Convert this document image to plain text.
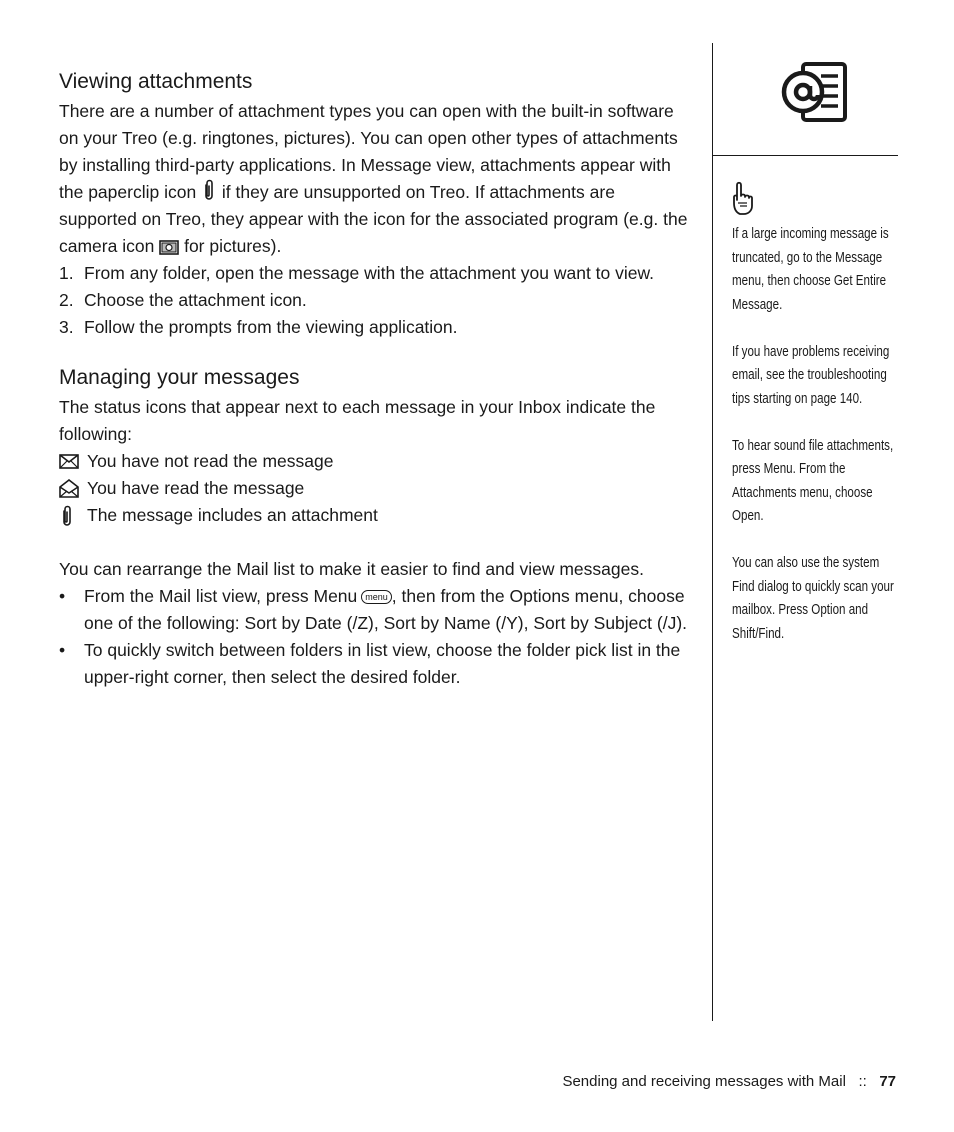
Viewing attachments

There are a number of attachment types you can open with the built-in software on your Treo (e.g. ringtones, pictures). You can open other types of attachments by installing third-party applications. In Message view, attachments appear with the paperclip icon if they are unsupported on Treo. If attachments are supported on Treo, they appear with the icon for the associated program (e.g. the camera icon for pictures).

1. From any folder, open the message with the attachment you want to view.
2. Choose the attachment icon.
3. Follow the prompts from the viewing application.
Managing your messages

The status icons that appear next to each message in your Inbox indicate the following:

You have not read the message
You have read the message
The message includes an attachment

You can rearrange the Mail list to make it easier to find and view messages.

• From the Mail list view, press Menu menu , then from the Options menu, choose one of the following: Sort by Date (/Z), Sort by Name (/Y), Sort by Subject (/J).
• To quickly switch between folders in list view, choose the folder pick list in the upper-right corner, then select the desired folder.

If a large incoming message is truncated, go to the Message menu, then choose Get Entire Message.

If you have problems receiving email, see the troubleshooting tips starting on page 140.

To hear sound file attachments, press Menu. From the Attachments menu, choose Open.

You can also use the system Find dialog to quickly scan your mailbox. Press Option and Shift/Find.

Sending and receiving messages with Mail :: 77
